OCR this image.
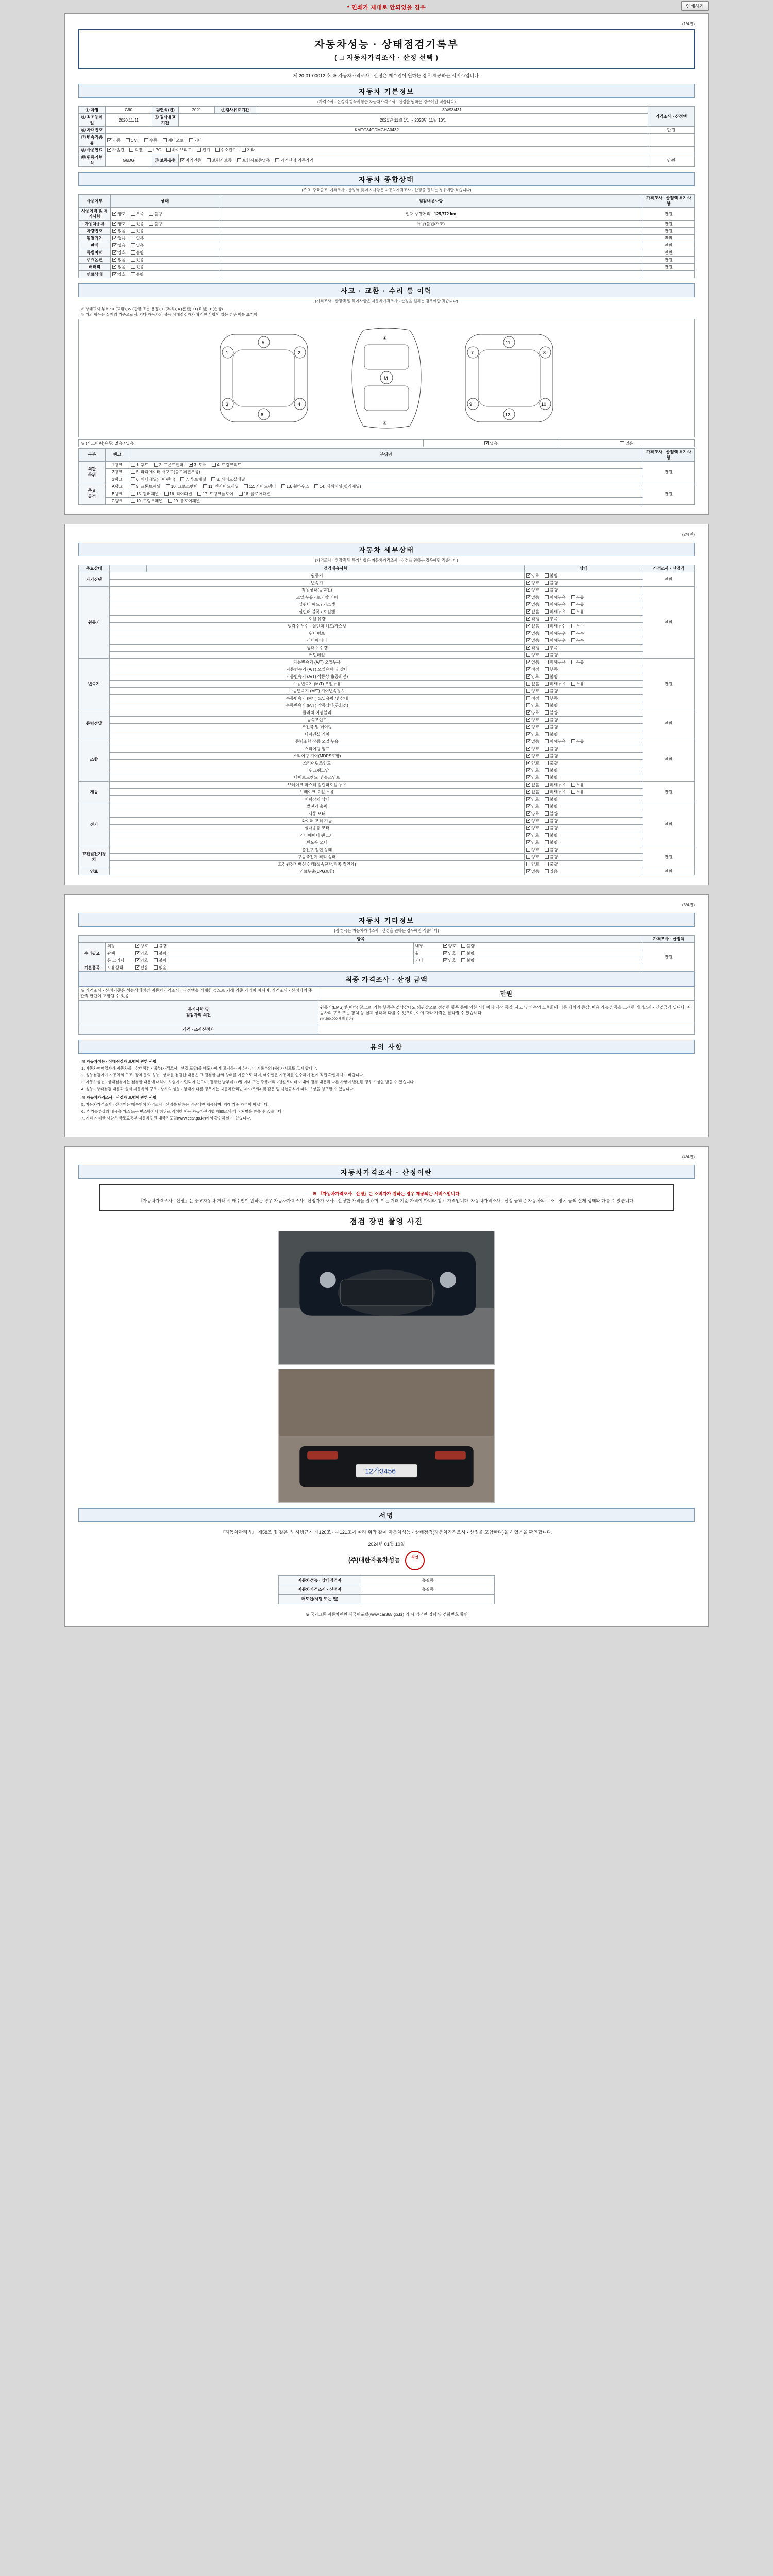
* 인쇄가 제대로 안되었을 경우	인쇄하기
(1/4면)
자동차성능 · 상태점검기록부
( □ 자동차가격조사 · 산정 선택 )
제 20-01-00012 호 ※ 자동차가격조사 · 산정은 매수인이 원하는 경우 제공하는 서비스입니다.
자동차 기본정보
(가격조사 · 산정액 항목사항은 자동차가격조사 · 산정을 원하는 경우에만 적습니다)
① 차명	G80	②연식(년)	2021	③검사유효기간	3/4/93/431	가격조사 · 산정액
④ 최초등록일	2020.11.11	⑤ 검사유효기간	2021년 11월 1일 ~ 2023년 11월 10일			
⑥ 차대번호	KMTG84GDMGHA0432					만원
⑦ 변속기종류	✔자동 CVT 수동 세미오토 기타	
⑧ 사용연료	✔가솔린 디젤 LPG 하이브리드 전기 수소전기 기타	
⑩ 원동기형식	G6DG	⑪ 보증유형	✔자기인증 보험사보증 보험사보증없음 가격산정 기준가격			만원
자동차 종합상태
(주요, 주요골조, 가격조사 · 산정액 및 제시사항은 자동차가격조사 · 산정을 원하는 경우에만 적습니다)
사용여부	상태	점검내용사항	가격조사 · 산정액 특기사항
사용이력 및 특기사항	✔양호 부족 불량	현재 주행거리 125,772 km	만원
자동차종류	✔양호 있음 불량	튜닝(불법/개조)	만원
차량번호	✔없음 있음		만원
휠얼라인	✔없음 있음		만원
판매	✔없음 있음		만원
특별이력	✔양호 불량		만원
주요옵션	✔없음 있음		만원
배터리	✔없음 있음		만원
연료상태	✔양호 불량		
사고 · 교환 · 수리 등 이력
(가격조사 · 산정액 및 특기사항은 자동차가격조사 · 산정을 원하는 경우에만 적습니다)
※ 상태표시 부호 : X (교환), W (판금 또는 용접), C (부식), A (흠집), U (요철), T (손상)
※ 위의 항목은 실제의 기준으로서, 기타 자동차의 성능·상태점검자가 확인한 사항이 있는 경우 이를 표기함.
1	2
3	4
5
6
M
①
④
7	8
9	10
11
12
※ (사고이력)유무: 없음 / 있음	✔없음	있음
구분	랭크	부위명	가격조사 · 산정액 특기사항
외판
부위	1랭크	1. 후드 2. 프론트펜더 ✔ 3. 도어 4. 트렁크리드	만원
	2랭크	5. 라디에이터 서포트(볼트체결부품)	
	3랭크	6. 쿼터패널(리어펜더) 7. 루프패널 8. 사이드실패널	
주요
골격	A랭크	9. 프론트패널 10. 크로스멤버 11. 인사이드패널 12. 사이드멤버 13. 휠하우스 14. 대쉬패널(필러패널)	만원
	B랭크	15. 필러패널 16. 리어패널 17. 트렁크플로어 18. 플로어패널	
	C랭크	19. 트렁크패널 20. 플로어패널	
(2/4면)
자동차 세부상태
(가격조사 · 산정액 및 특기사항은 자동차가격조사 · 산정을 원하는 경우에만 적습니다)
주요상태		점검내용사항	상태	가격조사 · 산정액
자기진단	원동기	✔양호 불량	만원
	변속기	✔양호 불량
원동기	작동상태(공회전)	✔양호 불량	만원
	오일 누유 - 로커암 커버	✔없음 미세누유 누유
	실린더 헤드 / 가스켓	✔없음 미세누유 누유
	실린더 블록 / 오일팬	✔없음 미세누유 누유
	오일 유량	✔적정 부족
	냉각수 누수 - 실린더 헤드/가스켓	✔없음 미세누수 누수
	워터펌프	✔없음 미세누수 누수
	라디에이터	✔없음 미세누수 누수
	냉각수 수량	✔적정 부족
	커먼레일		양호 불량	
변속기	자동변속기 (A/T) 오일누유	✔없음 미세누유 누유	만원
	자동변속기 (A/T) 오일유량 및 상태	✔적정 부족
	자동변속기 (A/T) 작동상태(공회전)	✔양호 불량
	수동변속기 (M/T) 오일누유		없음 미세누유 누유	
	수동변속기 (M/T) 기어변속장치		양호 불량	
	수동변속기 (M/T) 오일유량 및 상태		적정 부족	
	수동변속기 (M/T) 작동상태(공회전)		양호 불량	
동력전달	클러치 어셈블리	✔양호 불량	만원
	등속조인트	✔양호 불량
	추진축 및 베어링	✔양호 불량
	디퍼렌셜 기어	✔양호 불량
조향	동력조향 작동 오일 누유	✔없음 미세누유 누유	만원
	스티어링 펌프	✔양호 불량
	스티어링 기어(MDPS포함)	✔양호 불량
	스티어링조인트	✔양호 불량
	파워크랭크암	✔양호 불량
	타이로드엔드 및 볼조인트	✔양호 불량
제동	브레이크 마스터 실린더오일 누유	✔없음 미세누유 누유	만원
	브레이크 오일 누유	✔없음 미세누유 누유
	배력장치 상태	✔양호 불량
전기	발전기 출력	✔양호 불량	만원
	시동 모터	✔양호 불량
	와이퍼 모터 기능	✔양호 불량
	실내송풍 모터	✔양호 불량
	라디에이터 팬 모터	✔양호 불량
	윈도우 모터	✔양호 불량
고전원전기장치	충전구 절연 상태		양호 불량	만원
	구동축전지 격리 상태		양호 불량	
	고전원전기배선 상태(접속단자,피복,절연체)		양호 불량	
연료	연료누출(LPG포함)	✔없음 있음	만원
(3/4면)
자동차 기타정보
(점 항목은 자동차가격조사 · 산정을 원하는 경우에만 적습니다)
항목			가격조사 · 산정액
수리필요	외장 ✔ 양호 불량	내장 ✔ 양호 불량	만원
	광택 ✔ 양호 불량	휠 ✔ 양호 불량
	룸 크리닝 ✔ 양호 불량	기타 ✔ 양호 불량
기본품목	보유상태 ✔ 있음 없음
최종 가격조사 · 산정 금액
※ 가격조사 · 산정기준은 성능상태점검 자동차가격조사 · 산정액을 기재한 것으로 거래 기준 가격이 아니며, 가격조사 · 산정자의 주관적 판단이 포함될 수 있음	만원
특기사항 및
점검자의 의견	원동기(EMS)및(이하) 참고로, 가능 부품은 정상상태도 외관상으로 점검한 항목 등에 의한 사항이나 제작 품질, 사고 및 파손의 노후화에 따른 가치의 증감, 이용 가능성 등을 고려한 가격조사 · 산정금액 입니다. 자동차의 구조 또는 장치 등 실제 상태와 다를 수 있으며, 이에 따라 가격은 달라질 수 있습니다.
(※ 200,000 세액 값은)

가격 · 조사산정자	
유의 사항

※ 자동차성능 · 상태점검자 보험에 관한 사항

1. 자동차매매업자가 자동차를 · 상태점검기록부(가격조사 · 산정 포함)를 매도자에게 고지하여야 하며, 이 기록부의 (外) 가지고로 고지 합니다.

2. 성능점검자가 자동차의 구조, 장치 등의 성능 · 상태를 점검한 내용은 그 점검한 날의 상태를 기준으로 하며, 매수인은 자동차를 인수하기 전에 직접 확인하시기 바랍니다.

3. 자동차성능 · 상태점검자는 점검한 내용에 대하여 보험에 가입되어 있으며, 점검한 날부터 30일 이내 또는 주행거리 2천킬로미터 이내에 점검 내용과 다른 사항이 발견된 경우 보상을 받을 수 있습니다.

4. 성능 · 상태점검 내용과 실제 자동차의 구조 · 장치의 성능 · 상태가 다른 경우에는 자동차관리법 제58조의4 및 같은 법 시행규칙에 따라 보상을 청구할 수 있습니다.

※ 자동차가격조사 · 산정자 보험에 관한 사항

5. 자동차가격조사 · 산정액은 매수인이 가격조사 · 산정을 원하는 경우에만 제공되며, 거래 기준 가격이 아닙니다.

6. 본 기록부상의 내용을 위조 또는 변조하거나 허위로 작성한 자는 자동차관리법 제80조에 따라 처벌을 받을 수 있습니다.

7. 기타 자세한 사항은 국토교통부 자동차민원 대국민포털(www.ecar.go.kr)에서 확인하실 수 있습니다.

(4/4면)
자동차가격조사 · 산정이란
※ 『자동차가격조사 · 산정』은 소비자가 원하는 경우 제공되는 서비스입니다.
『자동차가격조사 · 산정』은 중고자동차 거래 시 매수인이 원하는 경우 자동차가격조사 · 산정자가 조사 · 산정한 가격을 말하며, 이는 거래 기준 가격이 아니라 참고 가격입니다. 자동차가격조사 · 산정 금액은 자동차의 구조 · 장치 등의 실제 상태와 다를 수 있습니다.
점검 장면 촬영 사진
12가3456
서명
『자동차관리법』 제58조 및 같은 법 시행규칙 제120조 · 제121조에 따라 위와 같이 자동차성능 · 상태점검(자동차가격조사 · 산정을 포함한다)을 하였음을 확인합니다.
2024년 01월 10일
(주)대한자동차성능	직인
자동차성능 · 상태점검자	홍길동
자동차가격조사 · 산정자	홍길동
매도인(서명 또는 인)	
※ 국가교통 자동차민원 대국민포털(www.car365.go.kr) 의 시 검색란 입력 및 전화번호 확인
